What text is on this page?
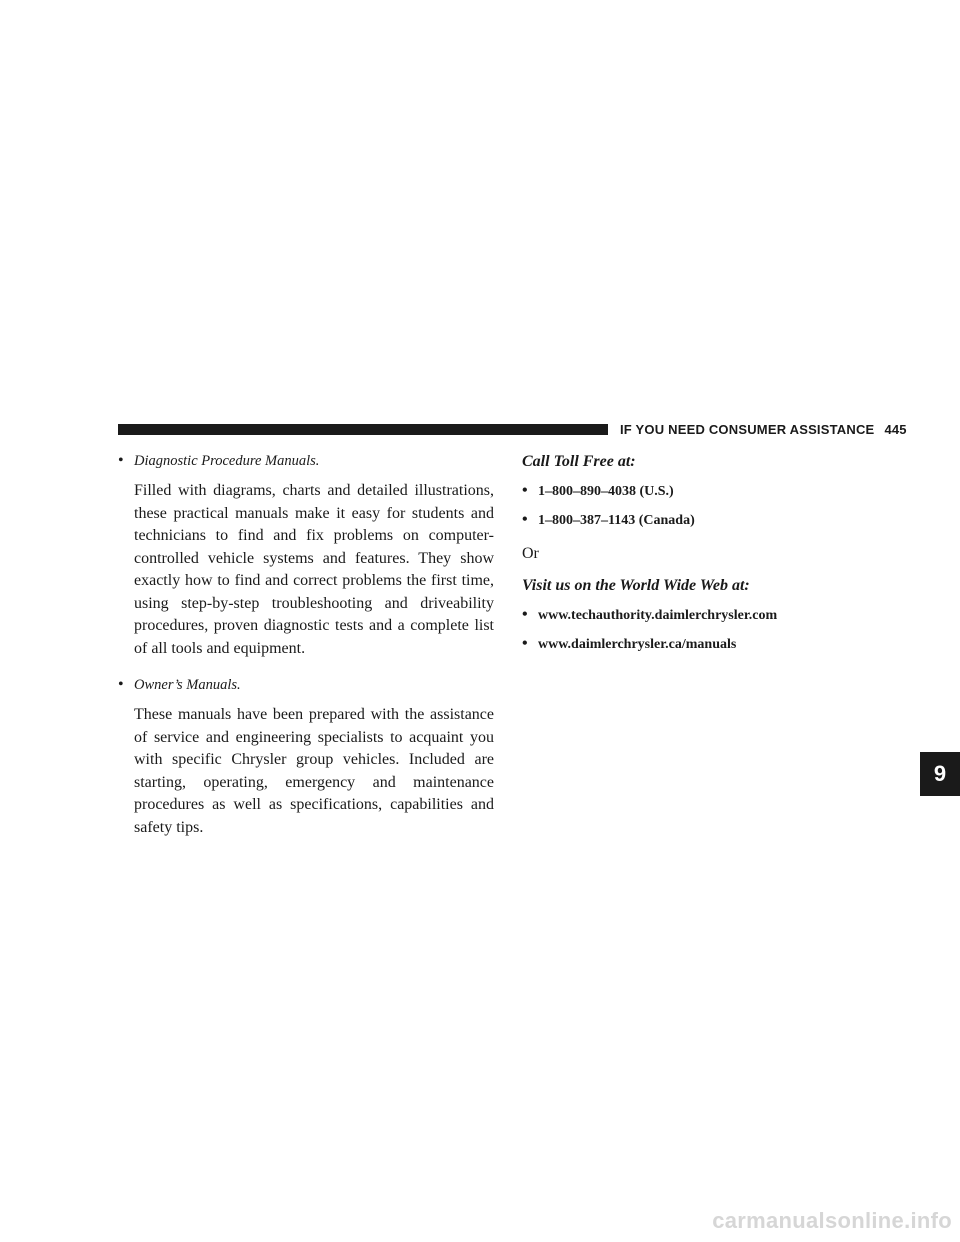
IF YOU NEED CONSUMER ASSISTANCE 445
• Diagnostic Procedure Manuals.

Filled with diagrams, charts and detailed illustrations, these practical manuals make it easy for students and technicians to find and fix problems on computer-controlled vehicle systems and features. They show exactly how to find and correct problems the first time, using step-by-step troubleshooting and driveability procedures, proven diagnostic tests and a complete list of all tools and equipment.

• Owner’s Manuals.

These manuals have been prepared with the assistance of service and engineering specialists to acquaint you with specific Chrysler group vehicles. Included are starting, operating, emergency and maintenance procedures as well as specifications, capabilities and safety tips.

Call Toll Free at:
• 1–800–890–4038 (U.S.)
• 1–800–387–1143 (Canada)
Or
Visit us on the World Wide Web at:
• www.techauthority.daimlerchrysler.com
• www.daimlerchrysler.ca/manuals
9
carmanualsonline.info
